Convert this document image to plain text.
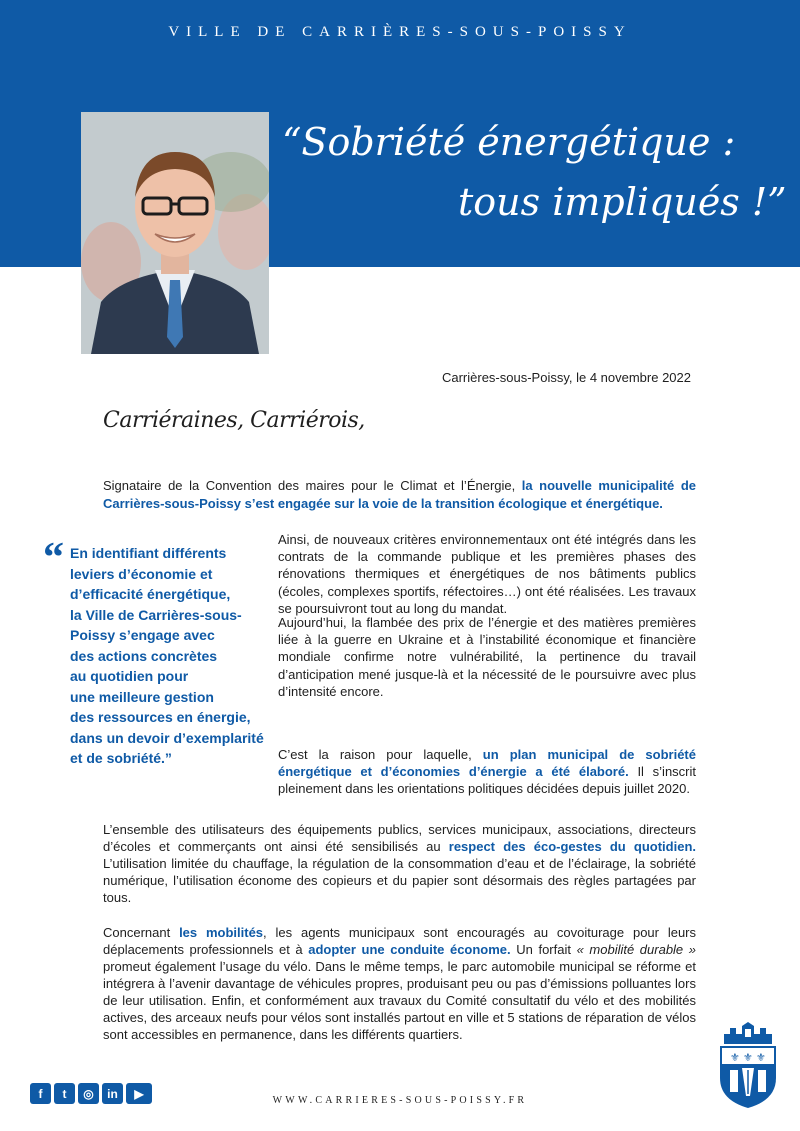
VILLE DE CARRIÈRES-SOUS-POISSY
“Sobriété énergétique :
tous impliqués !”
Carrières-sous-Poissy, le 4 novembre 2022
Carriéraines, Carriérois,

Signataire de la Convention des maires pour le Climat et l’Énergie, la nouvelle municipalité de Carrières-sous-Poissy s’est engagée sur la voie de la transition écologique et énergétique.

“ En identifiant différents
leviers d’économie et
d’efficacité énergétique,
la Ville de Carrières-sous-
Poissy s’engage avec
des actions concrètes
au quotidien pour
une meilleure gestion
des ressources en énergie,
dans un devoir d’exemplarité
et de sobriété.”

Ainsi, de nouveaux critères environnementaux ont été intégrés dans les contrats de la commande publique et les premières phases des rénovations thermiques et énergétiques de nos bâtiments publics (écoles, complexes sportifs, réfectoires…) ont été réalisées. Les travaux se poursuivront tout au long du mandat.

Aujourd’hui, la flambée des prix de l’énergie et des matières premières liée à la guerre en Ukraine et à l’instabilité économique et financière mondiale confirme notre vulnérabilité, la pertinence du travail d’anticipation mené jusque-là et la nécessité de le poursuivre avec plus d’intensité encore.

C’est la raison pour laquelle, un plan municipal de sobriété énergétique et d’économies d’énergie a été élaboré. Il s’inscrit pleinement dans les orientations politiques décidées depuis juillet 2020.

L’ensemble des utilisateurs des équipements publics, services municipaux, associations, directeurs d’écoles et commerçants ont ainsi été sensibilisés au respect des éco-gestes du quotidien. L’utilisation limitée du chauffage, la régulation de la consommation d’eau et de l’éclairage, la sobriété numérique, l’utilisation économe des copieurs et du papier sont désormais des règles partagées par tous.

Concernant les mobilités, les agents municipaux sont encouragés au covoiturage pour leurs déplacements professionnels et à adopter une conduite économe. Un forfait « mobilité durable » promeut également l’usage du vélo. Dans le même temps, le parc automobile municipal se réforme et intégrera à l’avenir davantage de véhicules propres, produisant peu ou pas d’émissions polluantes lors de leur utilisation. Enfin, et conformément aux travaux du Comité consultatif du vélo et des mobilités actives, des arceaux neufs pour vélos sont installés partout en ville et 5 stations de réparation de vélos sont accessibles en permanence, dans les différents quartiers.

f	t	◎	in	▶	WWW.CARRIERES-SOUS-POISSY.FR
⚜ ⚜ ⚜
